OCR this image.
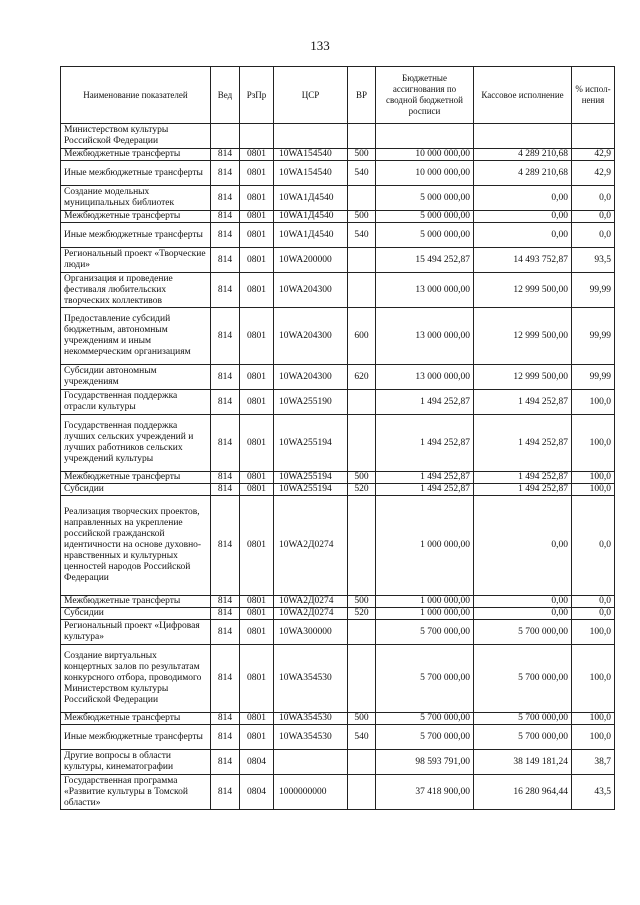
133
Наименование показателей	Вед	РзПр	ЦСР	ВР	Бюджетные ассигнования по сводной бюджетной росписи	Кассовое исполнение	% испол-нения
Министерством культуры Российской Федерации							
Межбюджетные трансферты	814	0801	10WA154540	500	10 000 000,00	4 289 210,68	42,9
Иные межбюджетные трансферты	814	0801	10WA154540	540	10 000 000,00	4 289 210,68	42,9
Создание модельных муниципальных библиотек	814	0801	10WA1Д4540		5 000 000,00	0,00	0,0
Межбюджетные трансферты	814	0801	10WA1Д4540	500	5 000 000,00	0,00	0,0
Иные межбюджетные трансферты	814	0801	10WA1Д4540	540	5 000 000,00	0,00	0,0
Региональный проект «Творческие люди»	814	0801	10WA200000		15 494 252,87	14 493 752,87	93,5
Организация и проведение фестиваля любительских творческих коллективов	814	0801	10WA204300		13 000 000,00	12 999 500,00	99,99
Предоставление субсидий бюджетным, автономным учреждениям и иным некоммерческим организациям	814	0801	10WA204300	600	13 000 000,00	12 999 500,00	99,99
Субсидии автономным учреждениям	814	0801	10WA204300	620	13 000 000,00	12 999 500,00	99,99
Государственная поддержка отрасли культуры	814	0801	10WA255190		1 494 252,87	1 494 252,87	100,0
Государственная поддержка лучших сельских учреждений и лучших работников сельских учреждений культуры	814	0801	10WA255194		1 494 252,87	1 494 252,87	100,0
Межбюджетные трансферты	814	0801	10WA255194	500	1 494 252,87	1 494 252,87	100,0
Субсидии	814	0801	10WA255194	520	1 494 252,87	1 494 252,87	100,0
Реализация творческих проектов, направленных на укрепление российской гражданской идентичности на основе духовно-нравственных и культурных ценностей народов Российской Федерации	814	0801	10WA2Д0274		1 000 000,00	0,00	0,0
Межбюджетные трансферты	814	0801	10WA2Д0274	500	1 000 000,00	0,00	0,0
Субсидии	814	0801	10WA2Д0274	520	1 000 000,00	0,00	0,0
Региональный проект «Цифровая культура»	814	0801	10WA300000		5 700 000,00	5 700 000,00	100,0
Создание виртуальных концертных залов по результатам конкурсного отбора, проводимого Министерством культуры Российской Федерации	814	0801	10WA354530		5 700 000,00	5 700 000,00	100,0
Межбюджетные трансферты	814	0801	10WA354530	500	5 700 000,00	5 700 000,00	100,0
Иные межбюджетные трансферты	814	0801	10WA354530	540	5 700 000,00	5 700 000,00	100,0
Другие вопросы в области культуры, кинематографии	814	0804			98 593 791,00	38 149 181,24	38,7
Государственная программа «Развитие культуры в Томской области»	814	0804	1000000000		37 418 900,00	16 280 964,44	43,5
